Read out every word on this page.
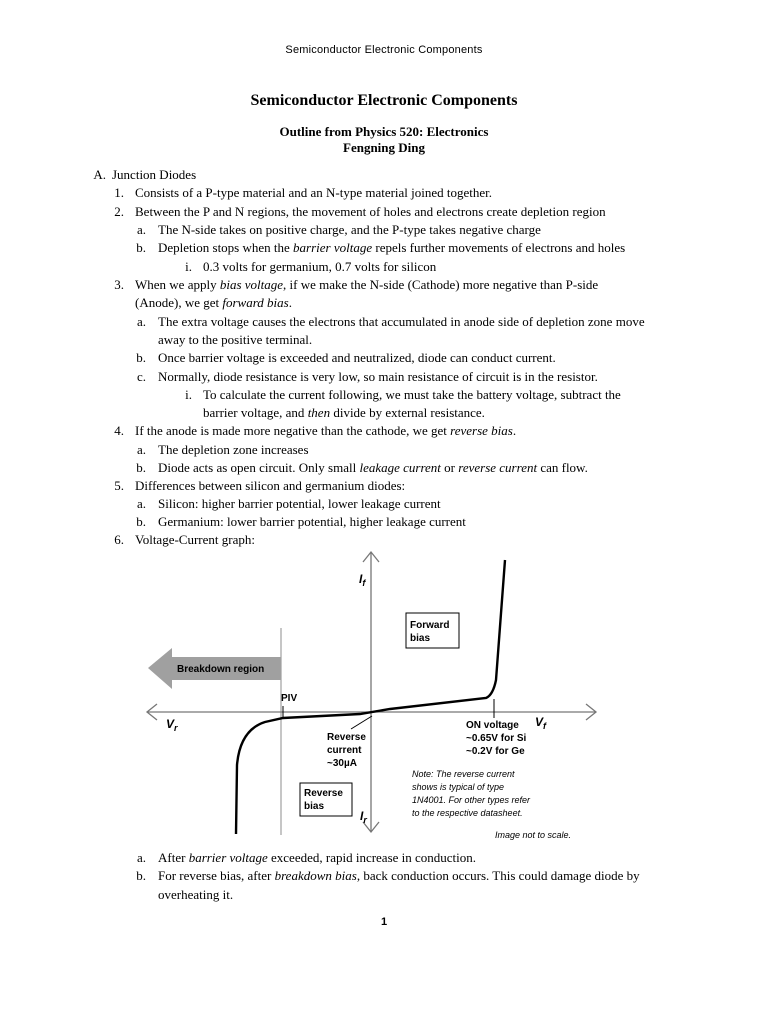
Semiconductor Electronic Components
Semiconductor Electronic Components
Outline from Physics 520: Electronics
Fengning Ding
A. Junction Diodes
1. Consists of a P-type material and an N-type material joined together.
2. Between the P and N regions, the movement of holes and electrons create depletion region
a. The N-side takes on positive charge, and the P-type takes negative charge
b. Depletion stops when the barrier voltage repels further movements of electrons and holes
i. 0.3 volts for germanium, 0.7 volts for silicon
3. When we apply bias voltage, if we make the N-side (Cathode) more negative than P-side
(Anode), we get forward bias.
a. The extra voltage causes the electrons that accumulated in anode side of depletion zone move
away to the positive terminal.
b. Once barrier voltage is exceeded and neutralized, diode can conduct current.
c. Normally, diode resistance is very low, so main resistance of circuit is in the resistor.
i. To calculate the current following, we must take the battery voltage, subtract the
barrier voltage, and then divide by external resistance.
4. If the anode is made more negative than the cathode, we get reverse bias.
a. The depletion zone increases
b. Diode acts as open circuit. Only small leakage current or reverse current can flow.
5. Differences between silicon and germanium diodes:
a. Silicon: higher barrier potential, lower leakage current
b. Germanium: lower barrier potential, higher leakage current
6. Voltage-Current graph:
Breakdown region
$I_f$
$I_r$
$V_f$
$V_r$
Forward
bias
PIV
Reverse
current
~30µA
ON voltage
~0.65V for Si
~0.2V for Ge
Reverse
bias
Note: The reverse current
shows is typical of type
1N4001. For other types refer
to the respective datasheet.
Image not to scale.
a. After barrier voltage exceeded, rapid increase in conduction.
b. For reverse bias, after breakdown bias, back conduction occurs. This could damage diode by
overheating it.
1
